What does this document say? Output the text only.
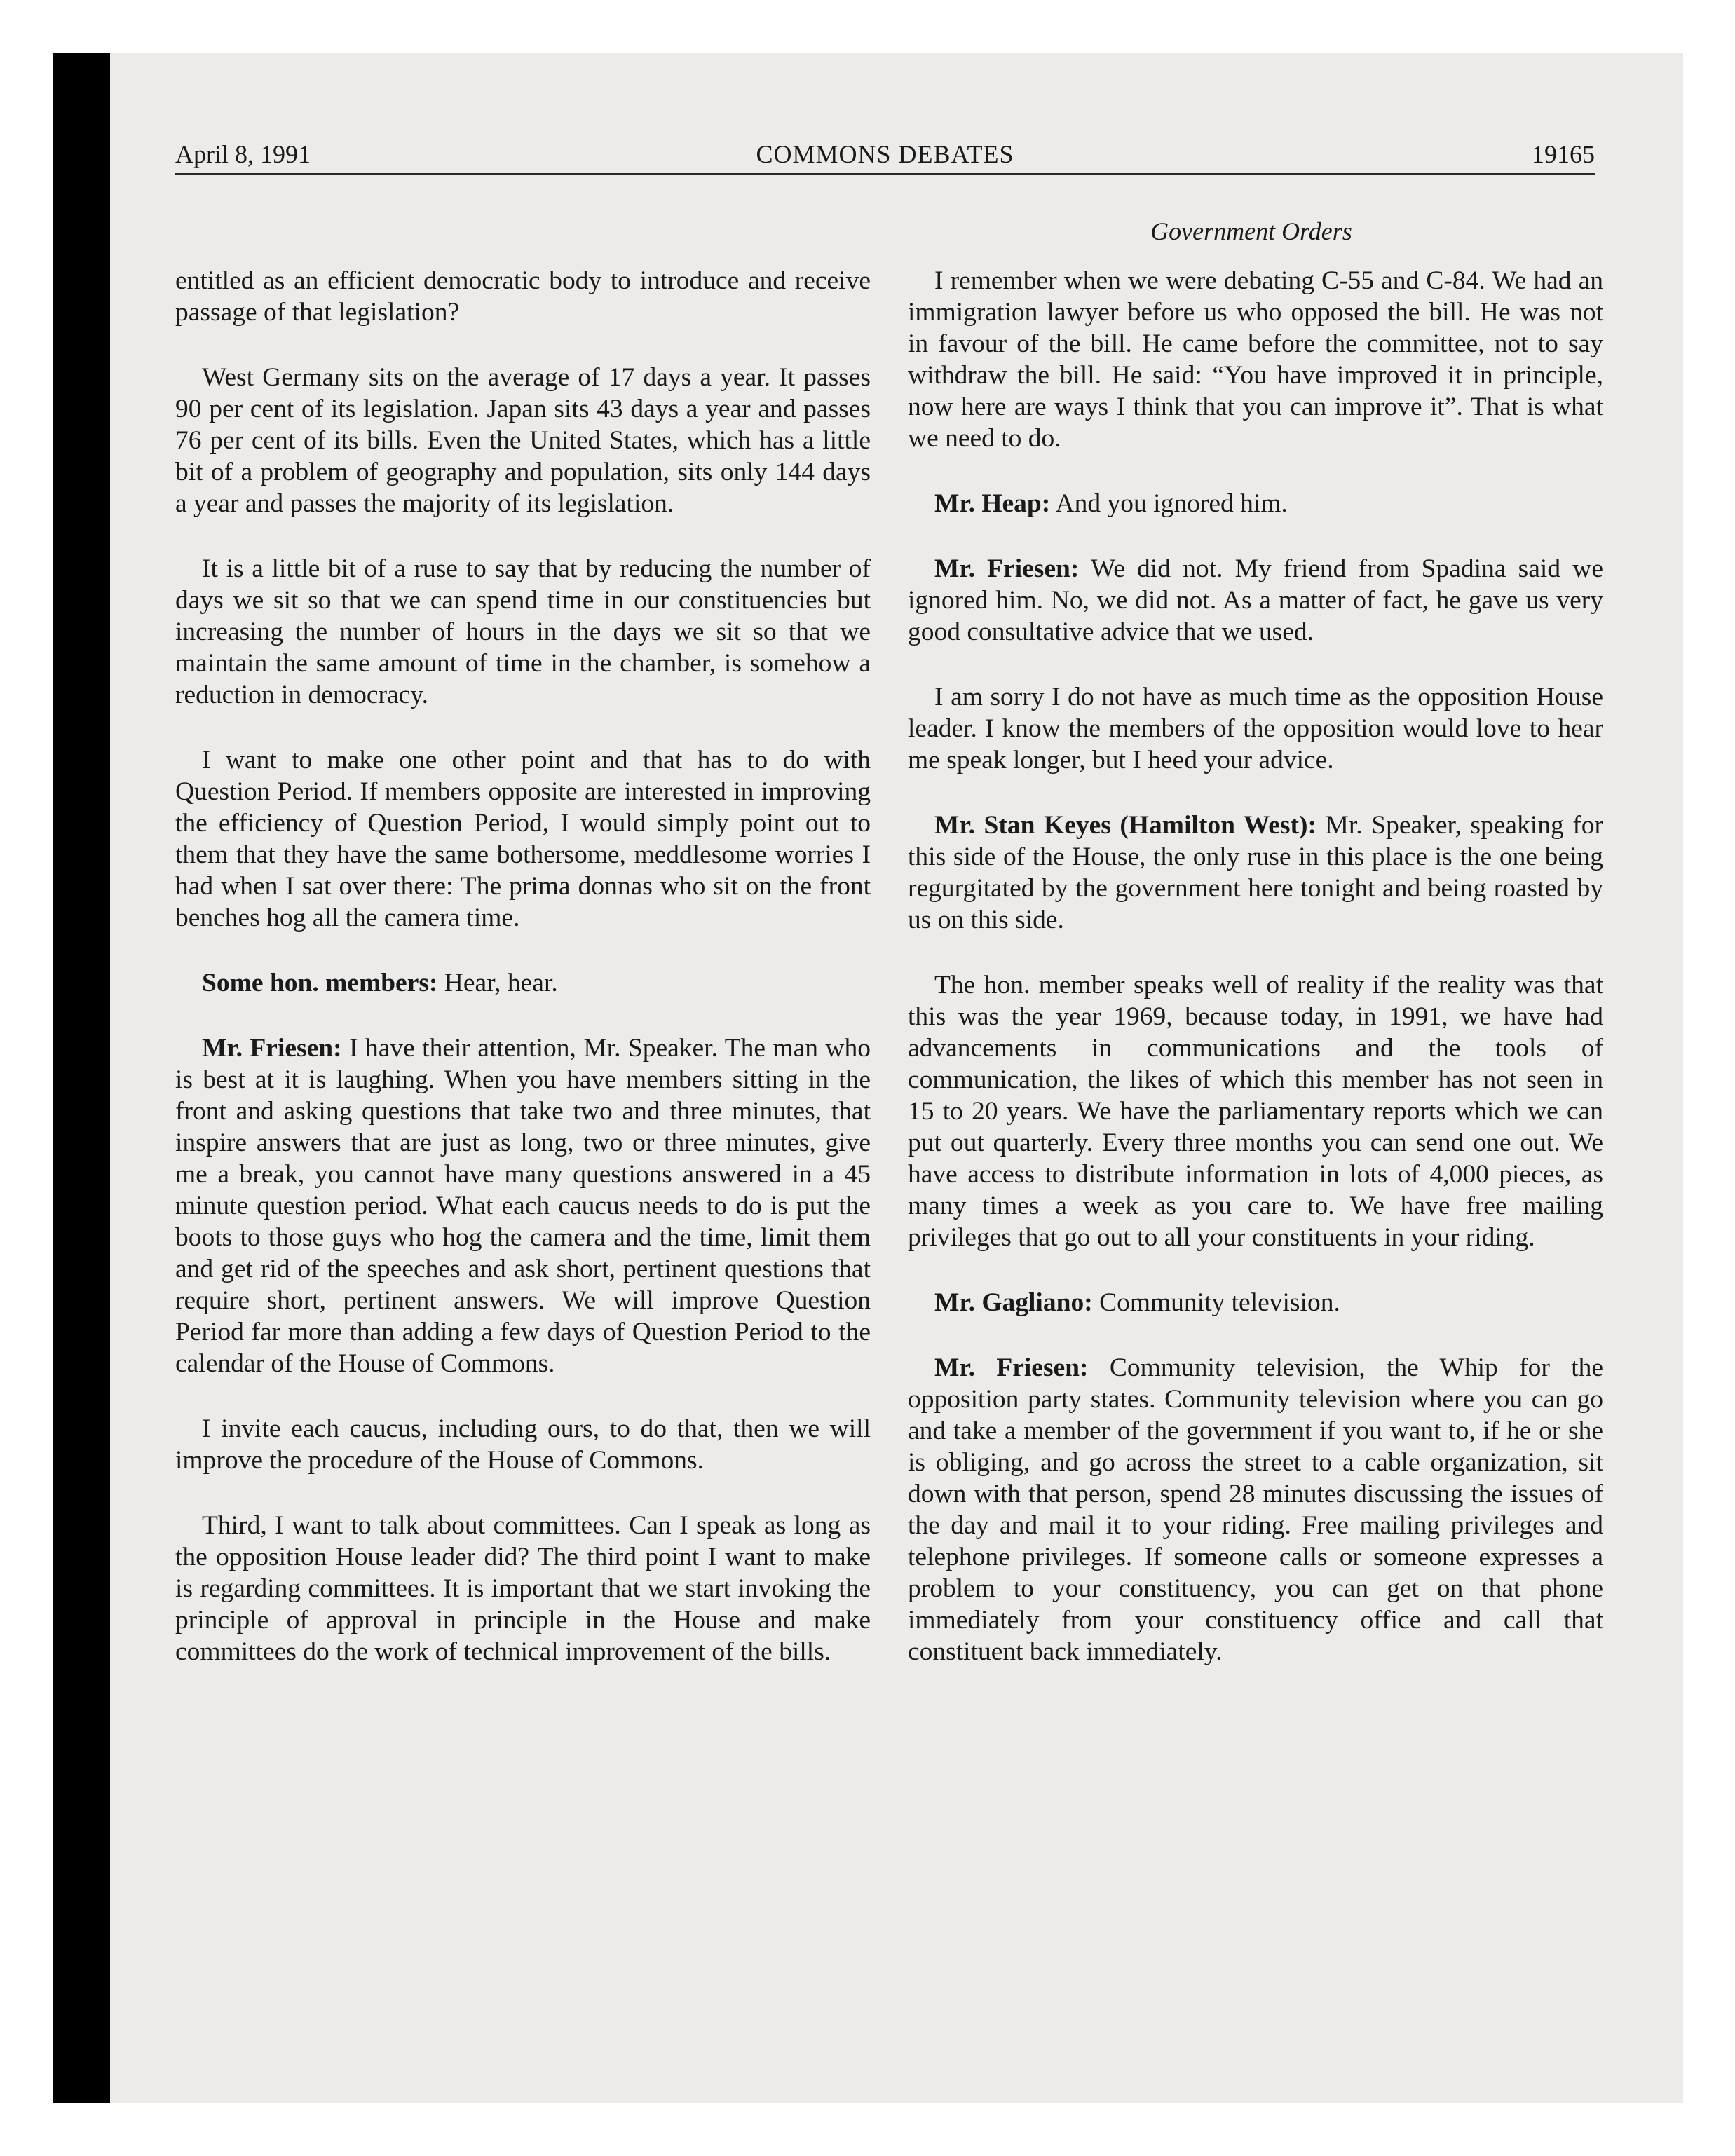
April 8, 1991	COMMONS DEBATES	19165
Government Orders

entitled as an efficient democratic body to introduce and receive passage of that legislation?

West Germany sits on the average of 17 days a year. It passes 90 per cent of its legislation. Japan sits 43 days a year and passes 76 per cent of its bills. Even the United States, which has a little bit of a problem of geography and population, sits only 144 days a year and passes the majority of its legislation.

It is a little bit of a ruse to say that by reducing the number of days we sit so that we can spend time in our constituencies but increasing the number of hours in the days we sit so that we maintain the same amount of time in the chamber, is somehow a reduction in democracy.

I want to make one other point and that has to do with Question Period. If members opposite are interested in improving the efficiency of Question Period, I would simply point out to them that they have the same bothersome, meddlesome worries I had when I sat over there: The prima donnas who sit on the front benches hog all the camera time.

Some hon. members: Hear, hear.

Mr. Friesen: I have their attention, Mr. Speaker. The man who is best at it is laughing. When you have members sitting in the front and asking questions that take two and three minutes, that inspire answers that are just as long, two or three minutes, give me a break, you cannot have many questions answered in a 45 minute question period. What each caucus needs to do is put the boots to those guys who hog the camera and the time, limit them and get rid of the speeches and ask short, pertinent questions that require short, pertinent answers. We will improve Question Period far more than adding a few days of Question Period to the calendar of the House of Commons.

I invite each caucus, including ours, to do that, then we will improve the procedure of the House of Commons.

Third, I want to talk about committees. Can I speak as long as the opposition House leader did? The third point I want to make is regarding committees. It is important that we start invoking the principle of approval in principle in the House and make committees do the work of technical improvement of the bills.

I remember when we were debating C-55 and C-84. We had an immigration lawyer before us who opposed the bill. He was not in favour of the bill. He came before the committee, not to say withdraw the bill. He said: “You have improved it in principle, now here are ways I think that you can improve it”. That is what we need to do.

Mr. Heap: And you ignored him.

Mr. Friesen: We did not. My friend from Spadina said we ignored him. No, we did not. As a matter of fact, he gave us very good consultative advice that we used.

I am sorry I do not have as much time as the opposition House leader. I know the members of the opposition would love to hear me speak longer, but I heed your advice.

Mr. Stan Keyes (Hamilton West): Mr. Speaker, speaking for this side of the House, the only ruse in this place is the one being regurgitated by the government here tonight and being roasted by us on this side.

The hon. member speaks well of reality if the reality was that this was the year 1969, because today, in 1991, we have had advancements in communications and the tools of communication, the likes of which this member has not seen in 15 to 20 years. We have the parliamentary reports which we can put out quarterly. Every three months you can send one out. We have access to distribute information in lots of 4,000 pieces, as many times a week as you care to. We have free mailing privileges that go out to all your constituents in your riding.

Mr. Gagliano: Community television.

Mr. Friesen: Community television, the Whip for the opposition party states. Community television where you can go and take a member of the government if you want to, if he or she is obliging, and go across the street to a cable organization, sit down with that person, spend 28 minutes discussing the issues of the day and mail it to your riding. Free mailing privileges and telephone privileges. If someone calls or someone expresses a problem to your constituency, you can get on that phone immediately from your constituency office and call that constituent back immediately.
